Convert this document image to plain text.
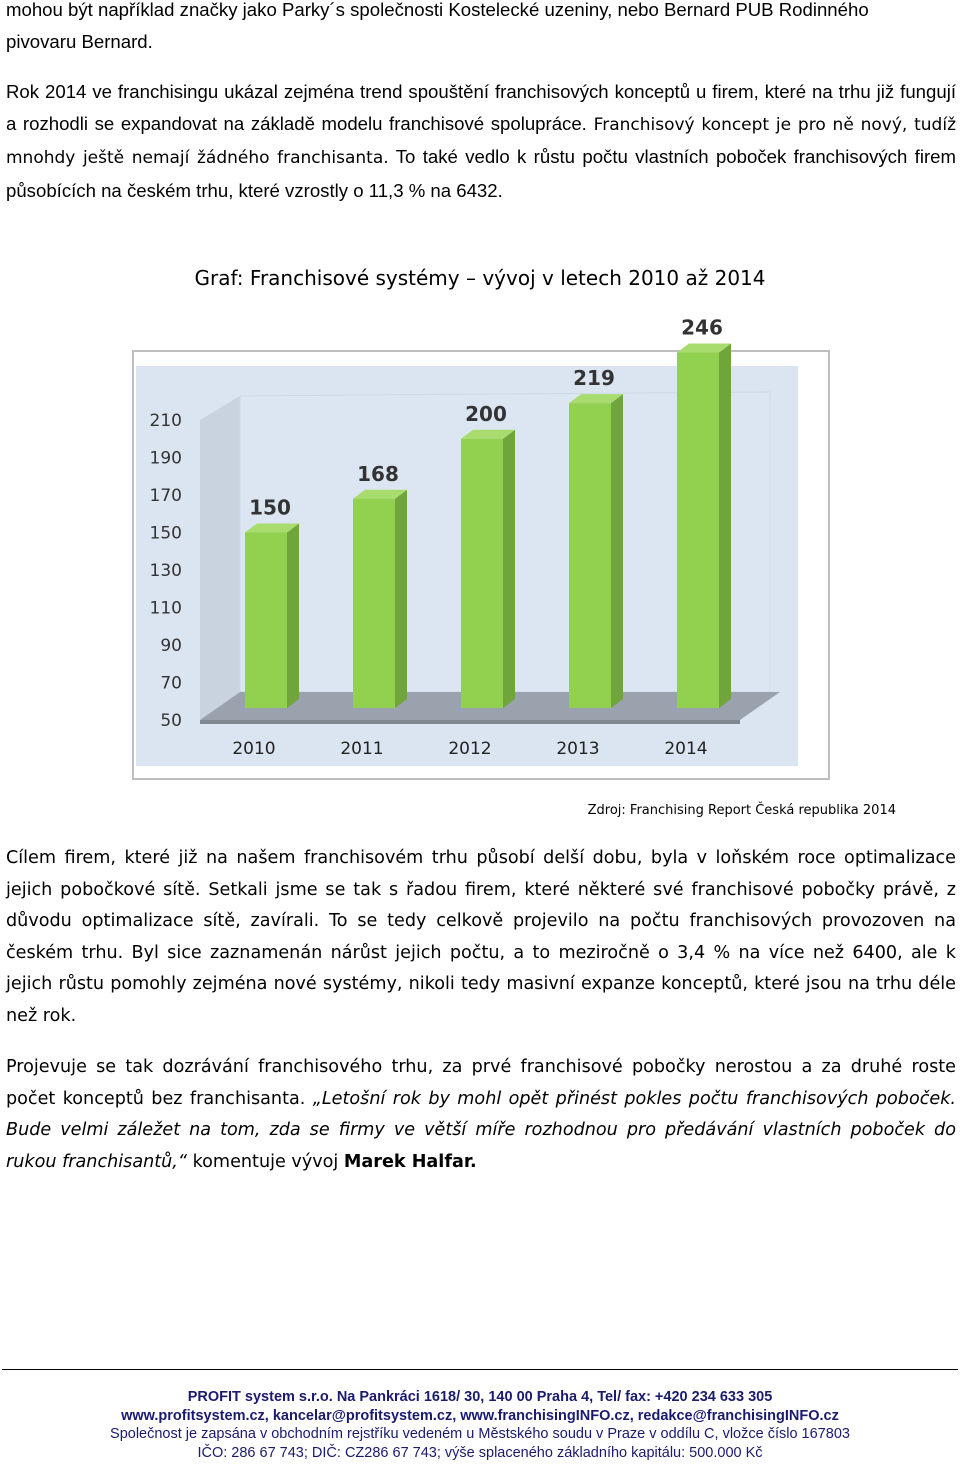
mohou být například značky jako Parky´s společnosti Kostelecké uzeniny, nebo Bernard PUB Rodinného
pivovaru Bernard.

Rok 2014 ve franchisingu ukázal zejména trend spouštění franchisových konceptů u firem, které na trhu již fungují a rozhodli se expandovat na základě modelu franchisové spolupráce. Franchisový koncept je pro ně nový, tudíž mnohdy ještě nemají žádného franchisanta. To také vedlo k růstu počtu vlastních poboček franchisových firem působících na českém trhu, které vzrostly o 11,3 % na 6432.

Graf: Franchisové systémy – vývoj v letech 2010 až 2014
50
70
90
110
130
150
170
190
210
150
2010
168
2011
200
2012
219
2013
246
2014
Zdroj: Franchising Report Česká republika 2014

Cílem firem, které již na našem franchisovém trhu působí delší dobu, byla v loňském roce optimalizace jejich pobočkové sítě. Setkali jsme se tak s řadou firem, které některé své franchisové pobočky právě, z důvodu optimalizace sítě, zavírali. To se tedy celkově projevilo na počtu franchisových provozoven na českém trhu. Byl sice zaznamenán nárůst jejich počtu, a to meziročně o 3,4 % na více než 6400, ale k jejich růstu pomohly zejména nové systémy, nikoli tedy masivní expanze konceptů, které jsou na trhu déle než rok.

Projevuje se tak dozrávání franchisového trhu, za prvé franchisové pobočky nerostou a za druhé roste počet konceptů bez franchisanta. „Letošní rok by mohl opět přinést pokles počtu franchisových poboček. Bude velmi záležet na tom, zda se firmy ve větší míře rozhodnou pro předávání vlastních poboček do rukou franchisantů,“ komentuje vývoj Marek Halfar.

PROFIT system s.r.o. Na Pankráci 1618/ 30, 140 00 Praha 4, Tel/ fax: +420 234 633 305
www.profitsystem.cz, kancelar@profitsystem.cz, www.franchisingINFO.cz, redakce@franchisingINFO.cz
Společnost je zapsána v obchodním rejstříku vedeném u Městského soudu v Praze v oddílu C, vložce číslo 167803
IČO: 286 67 743; DIČ: CZ286 67 743; výše splaceného základního kapitálu: 500.000 Kč
